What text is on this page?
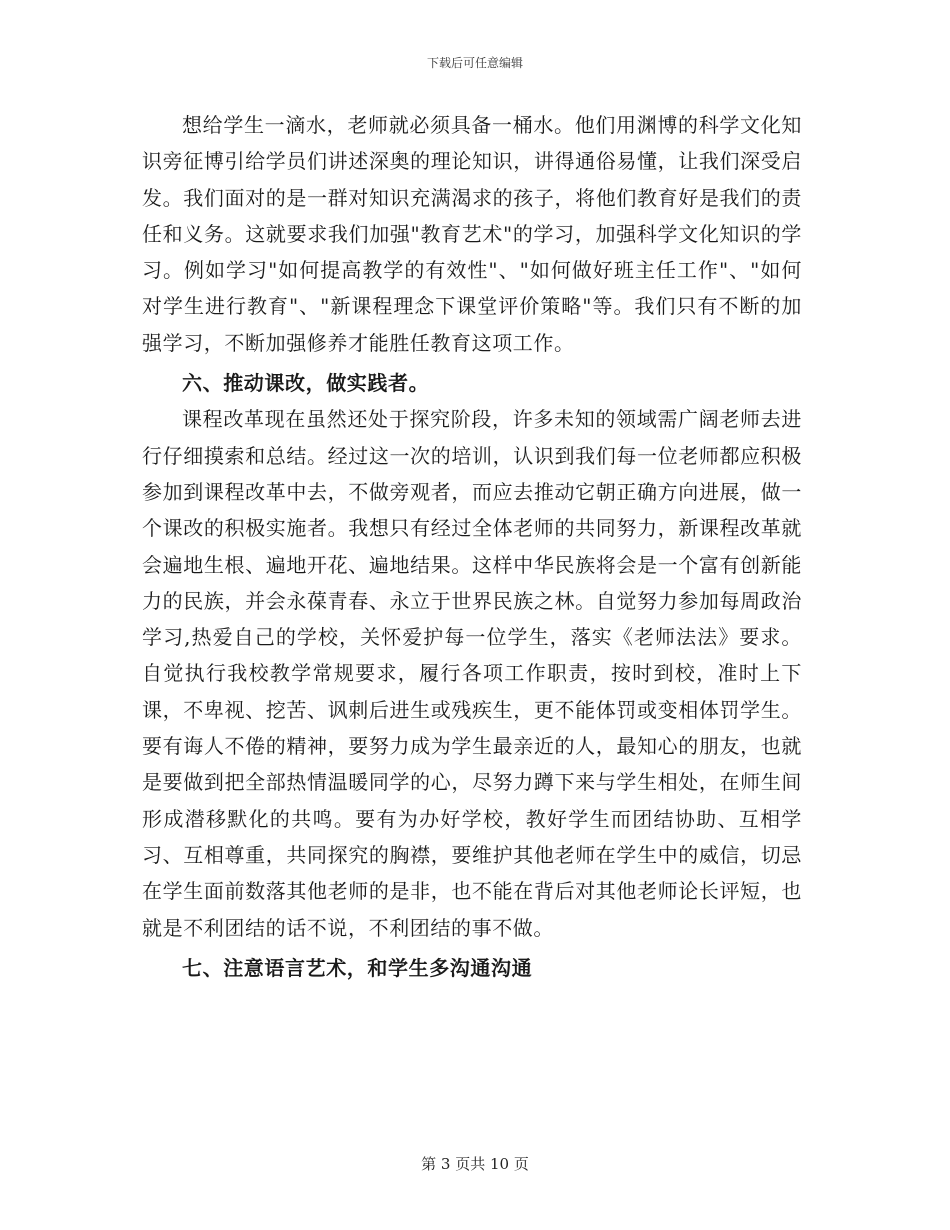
下载后可任意编辑

想给学生一滴水，老师就必须具备一桶水。他们用渊博的科学文化知识旁征博引给学员们讲述深奥的理论知识，讲得通俗易懂，让我们深受启发。我们面对的是一群对知识充满渴求的孩子，将他们教育好是我们的责任和义务。这就要求我们加强"教育艺术"的学习，加强科学文化知识的学习。例如学习"如何提高教学的有效性"、"如何做好班主任工作"、"如何对学生进行教育"、"新课程理念下课堂评价策略"等。我们只有不断的加强学习，不断加强修养才能胜任教育这项工作。

六、推动课改，做实践者。

课程改革现在虽然还处于探究阶段，许多未知的领域需广阔老师去进行仔细摸索和总结。经过这一次的培训，认识到我们每一位老师都应积极参加到课程改革中去，不做旁观者，而应去推动它朝正确方向进展，做一个课改的积极实施者。我想只有经过全体老师的共同努力，新课程改革就会遍地生根、遍地开花、遍地结果。这样中华民族将会是一个富有创新能力的民族，并会永葆青春、永立于世界民族之林。自觉努力参加每周政治学习,热爱自己的学校，关怀爱护每一位学生，落实《老师法法》要求。自觉执行我校教学常规要求，履行各项工作职责，按时到校，准时上下课，不卑视、挖苦、讽刺后进生或残疾生，更不能体罚或变相体罚学生。要有诲人不倦的精神，要努力成为学生最亲近的人，最知心的朋友，也就是要做到把全部热情温暖同学的心，尽努力蹲下来与学生相处，在师生间形成潜移默化的共鸣。要有为办好学校，教好学生而团结协助、互相学习、互相尊重，共同探究的胸襟，要维护其他老师在学生中的威信，切忌在学生面前数落其他老师的是非，也不能在背后对其他老师论长评短，也就是不利团结的话不说，不利团结的事不做。

七、注意语言艺术，和学生多沟通沟通
第 3 页共 10 页
